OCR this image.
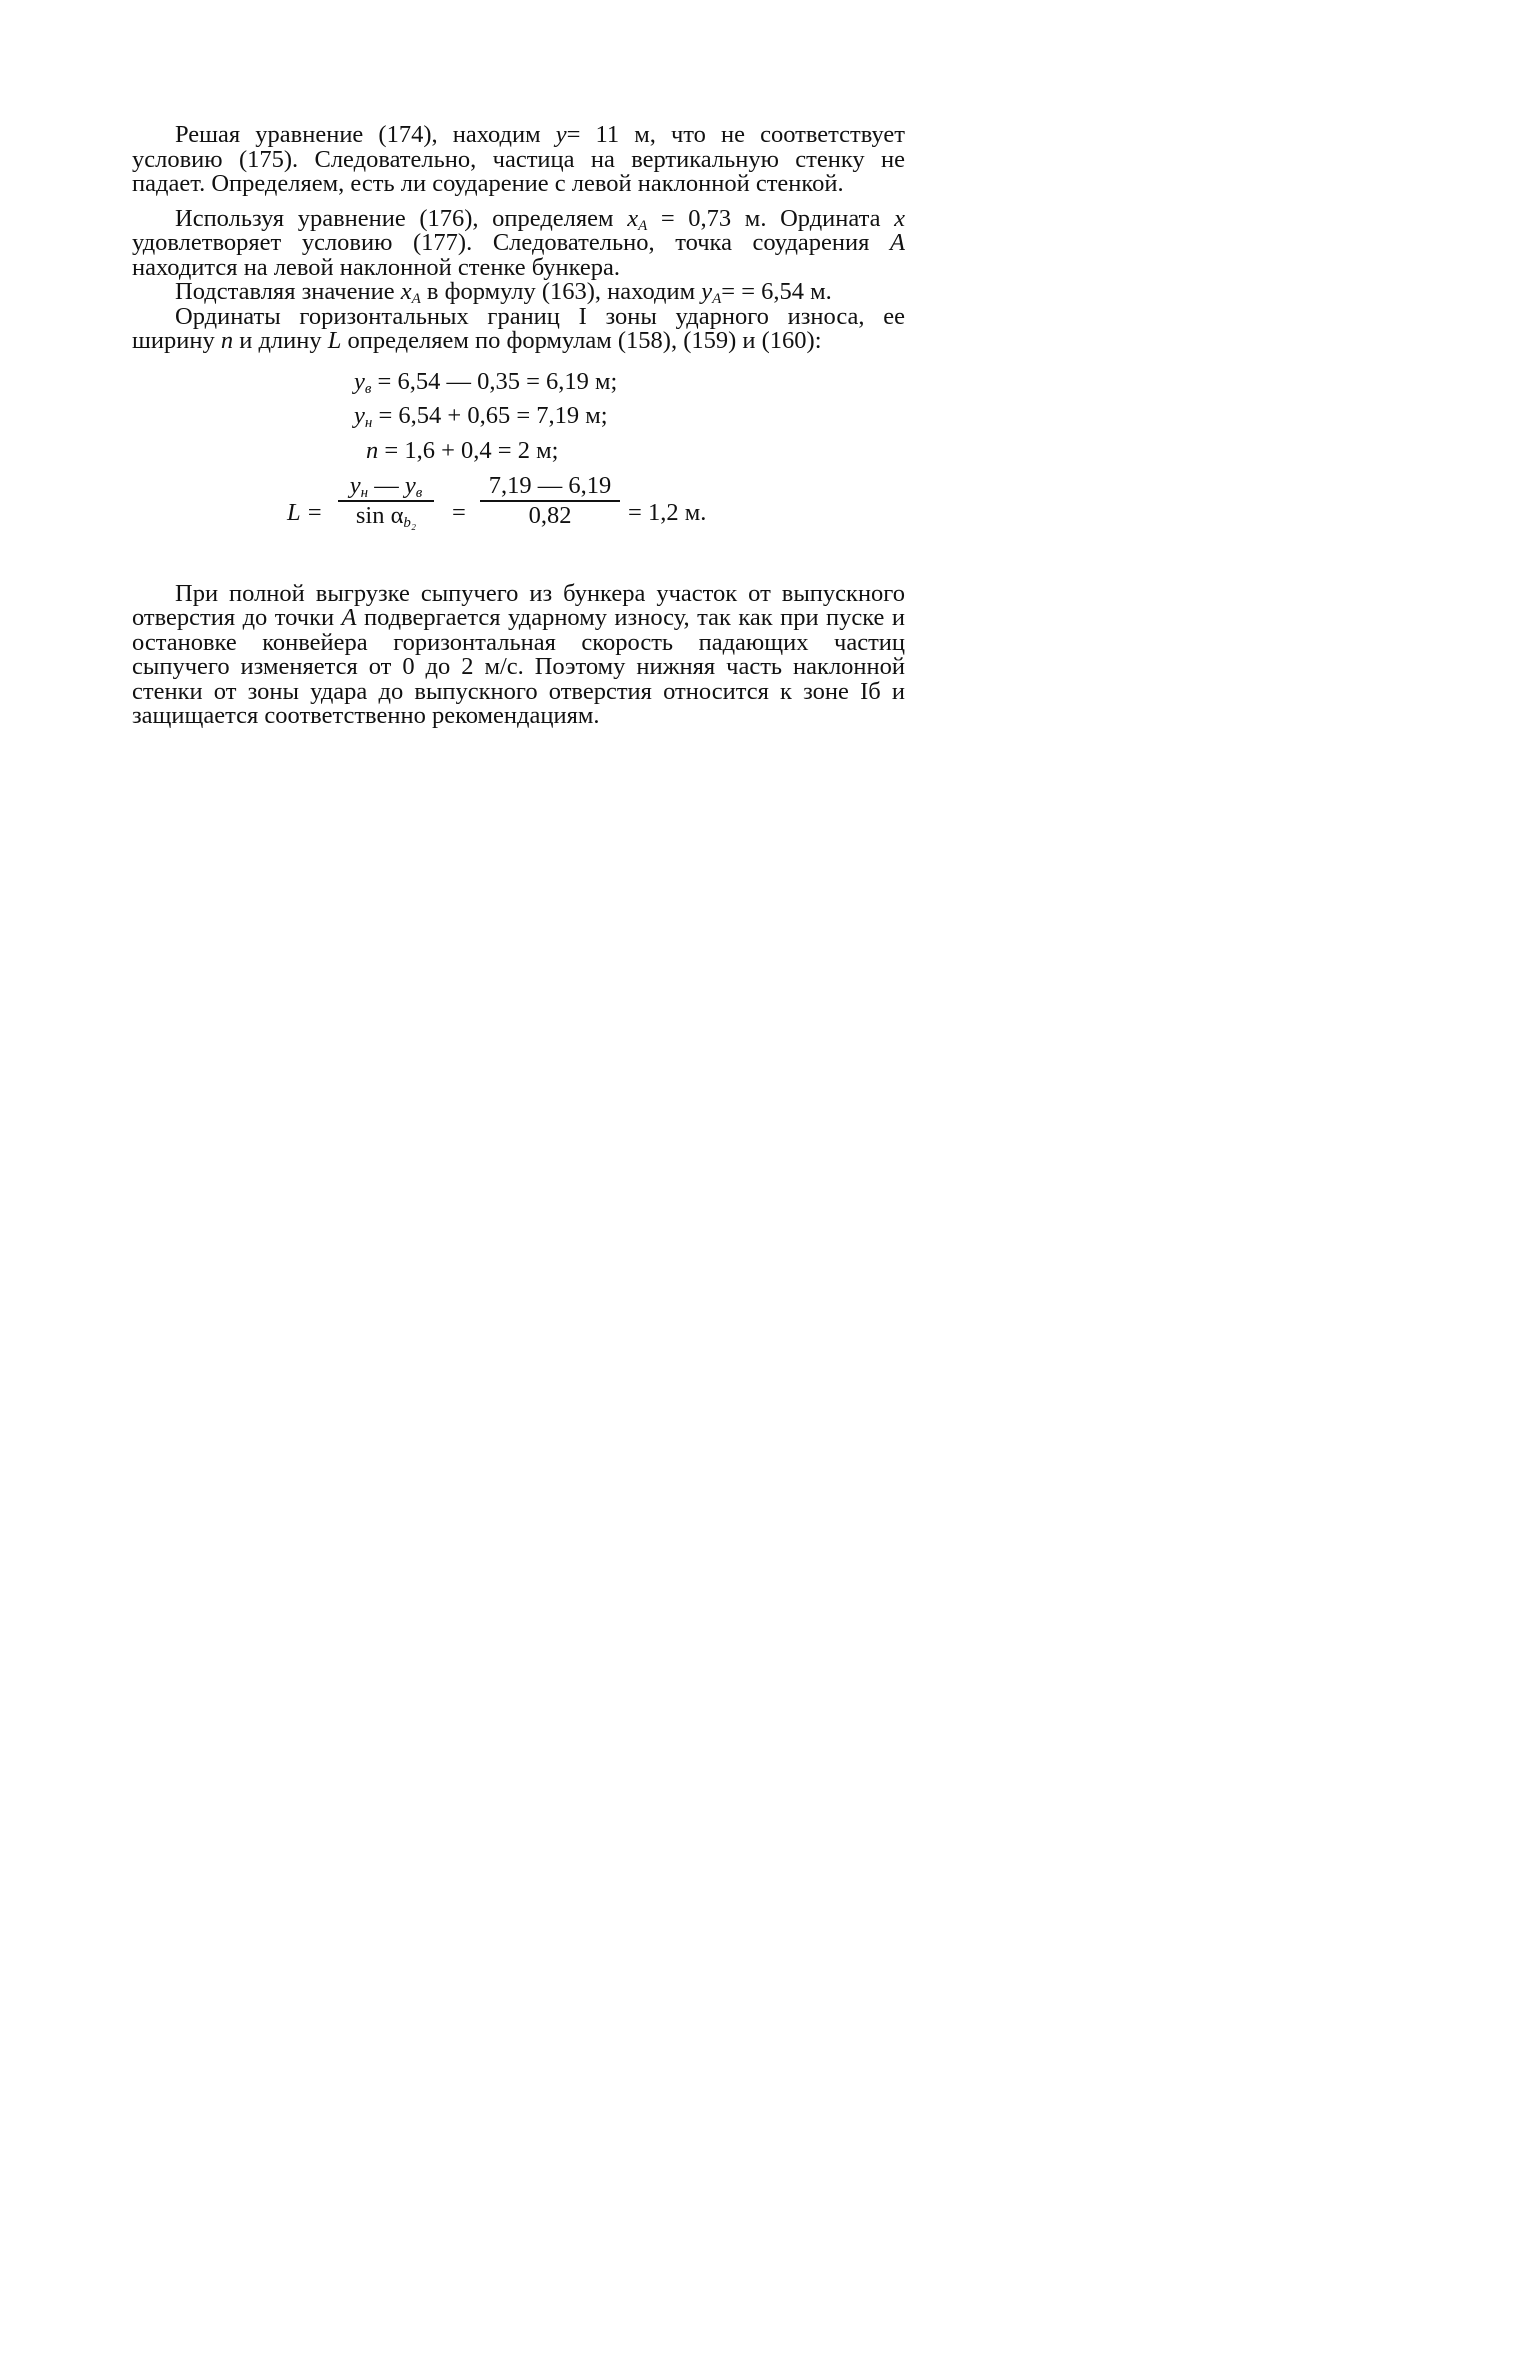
Решая уравнение (174), находим y= 11 м, что не соответствует условию (175). Следовательно, частица на вертикальную стенку не падает. Определяем, есть ли соударение с левой наклонной стенкой.

Используя уравнение (176), определяем $x_A = 0,73$ м. Ордината x удовлетворяет условию (177). Следовательно, точка соударения A находится на левой наклонной стенке бункера.

Подставляя значение $x_A$ в формулу (163), находим $y_A= = 6,54$ м.

Ординаты горизонтальных границ I зоны ударного износа, ее ширину n и длину L определяем по формулам (158), (159) и (160):

$y_в = 6,54$ — 0,35 = 6,19 м;
$y_н = 6,54 + 0,65 = 7,19$ м;
n = 1,6 + 0,4 = 2 м;
L =
$y_н$ — $y_в$
$\sin \alpha_{b_2}$	=
7,19 — 6,19
0,82	= 1,2 м.

При полной выгрузке сыпучего из бункера участок от выпускного отверстия до точки A подвергается ударному износу, так как при пуске и остановке конвейера горизонтальная скорость падающих частиц сыпучего изменяется от 0 до 2 м/с. Поэтому нижняя часть наклонной стенки от зоны удара до выпускного отверстия относится к зоне Iб и защищается соответственно рекомендациям.
